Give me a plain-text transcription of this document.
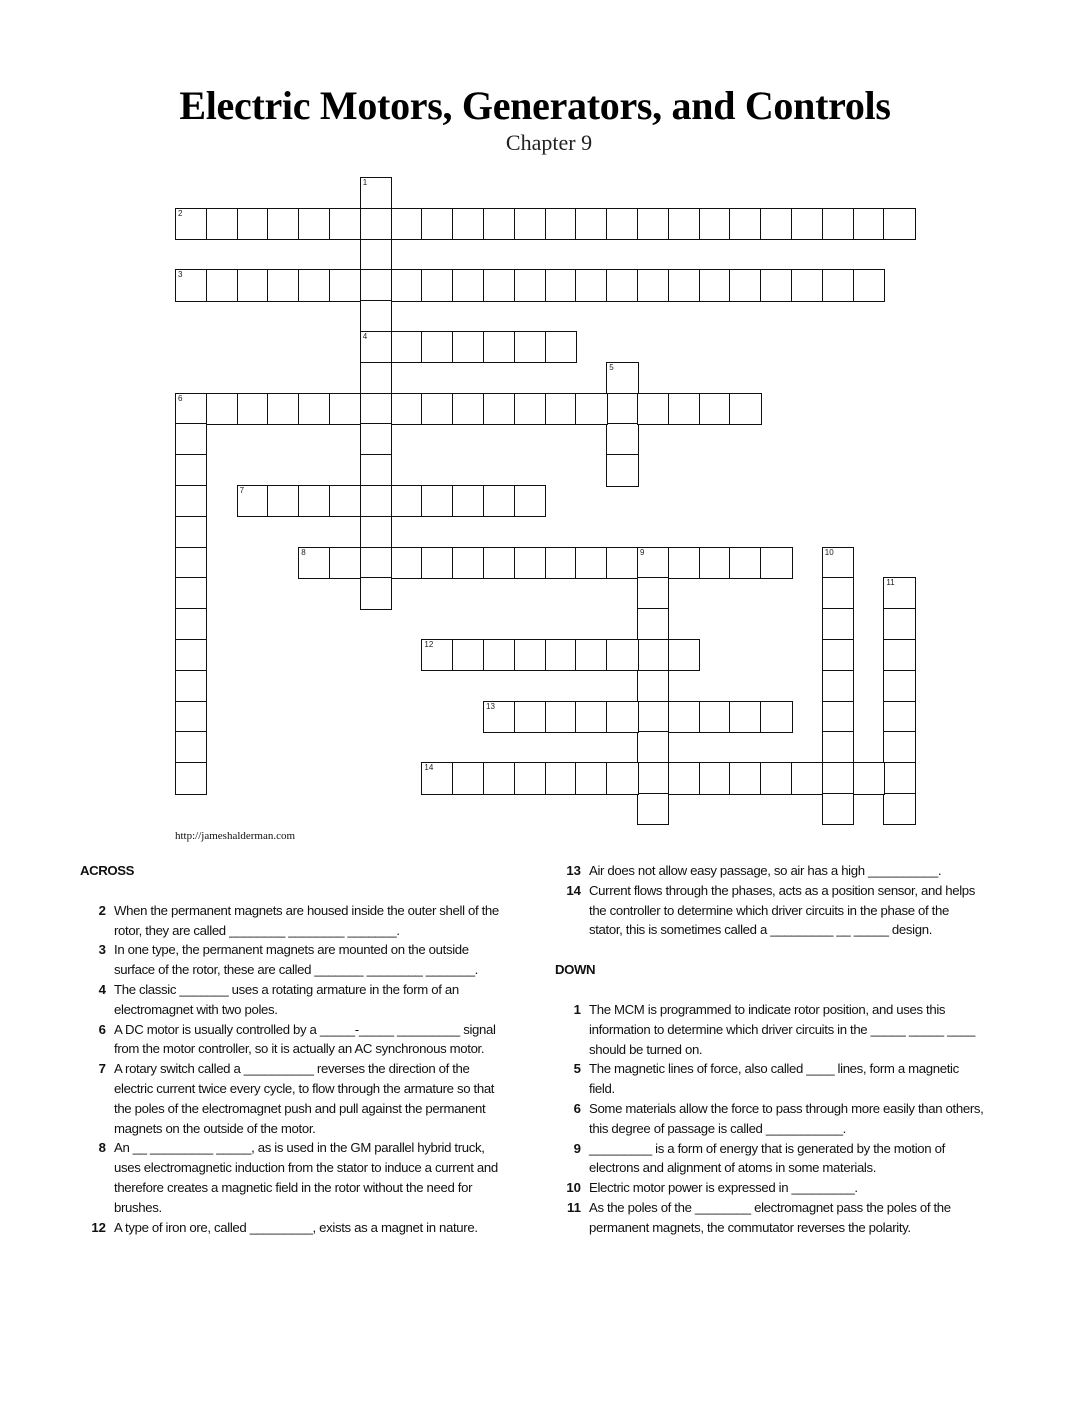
Electric Motors, Generators, and Controls
Chapter 9
1
4
2
3
5
6
7
8	9	10
11
12
13
14
http://jameshalderman.com
ACROSS
2 When the permanent magnets are housed inside the outer shell of the rotor, they are called ________ ________ _______.
3 In one type, the permanent magnets are mounted on the outside surface of the rotor, these are called _______ ________ _______.
4 The classic _______ uses a rotating armature in the form of an electromagnet with two poles.
6 A DC motor is usually controlled by a _____-_____ _________ signal from the motor controller, so it is actually an AC synchronous motor.
7 A rotary switch called a __________ reverses the direction of the electric current twice every cycle, to flow through the armature so that the poles of the electromagnet push and pull against the permanent magnets on the outside of the motor.
8 An __ _________ _____, as is used in the GM parallel hybrid truck, uses electromagnetic induction from the stator to induce a current and therefore creates a magnetic field in the rotor without the need for brushes.
12 A type of iron ore, called _________, exists as a magnet in nature.
13 Air does not allow easy passage, so air has a high __________.
14 Current flows through the phases, acts as a position sensor, and helps the controller to determine which driver circuits in the phase of the stator, this is sometimes called a _________ __ _____ design.
DOWN
1 The MCM is programmed to indicate rotor position, and uses this information to determine which driver circuits in the _____ _____ ____ should be turned on.
5 The magnetic lines of force, also called ____ lines, form a magnetic field.
6 Some materials allow the force to pass through more easily than others, this degree of passage is called ___________.
9 _________ is a form of energy that is generated by the motion of electrons and alignment of atoms in some materials.
10 Electric motor power is expressed in _________.
11 As the poles of the ________ electromagnet pass the poles of the permanent magnets, the commutator reverses the polarity.
